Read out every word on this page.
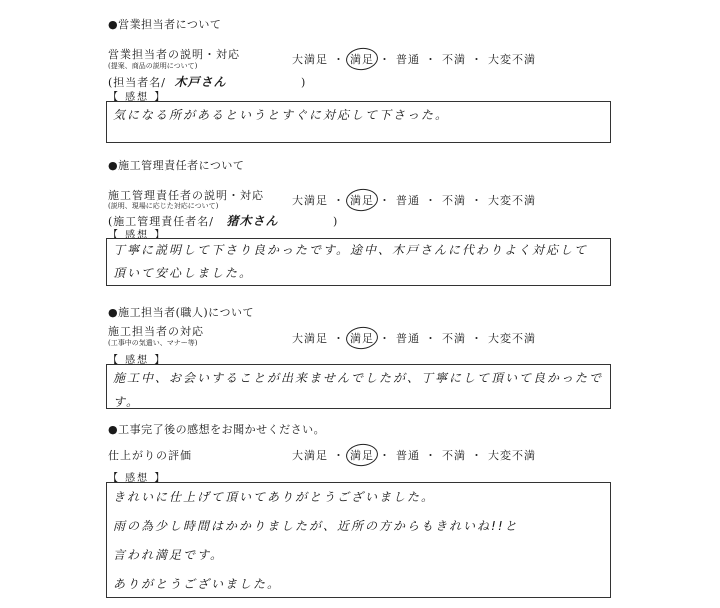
●営業担当者について
営業担当者の説明・対応
(提案、商品の説明について)
(担当者名/ 木戸さん	)
大満足 ・ 満足 ・ 普通 ・ 不満 ・ 大変不満
【 感想 】
気になる所があるというとすぐに対応して下さった。
●施工管理責任者について
施工管理責任者の説明・対応
(説明、現場に応じた対応について)
(施工管理責任者名/ 猪木さん	)
大満足 ・ 満足 ・ 普通 ・ 不満 ・ 大変不満
【 感想 】
丁寧に説明して下さり良かったです。途中、木戸さんに代わりよく対応して
頂いて安心しました。
●施工担当者(職人)について
施工担当者の対応
(工事中の気遣い、マナー等)	大満足 ・ 満足 ・ 普通 ・ 不満 ・ 大変不満
【 感想 】
施工中、お会いすることが出来ませんでしたが、丁寧にして頂いて良かったです。
●工事完了後の感想をお聞かせください。
仕上がりの評価	大満足 ・ 満足 ・ 普通 ・ 不満 ・ 大変不満
【 感想 】
きれいに仕上げて頂いてありがとうございました。
雨の為少し時間はかかりましたが、近所の方からもきれいね!!と
言われ満足です。
ありがとうございました。
